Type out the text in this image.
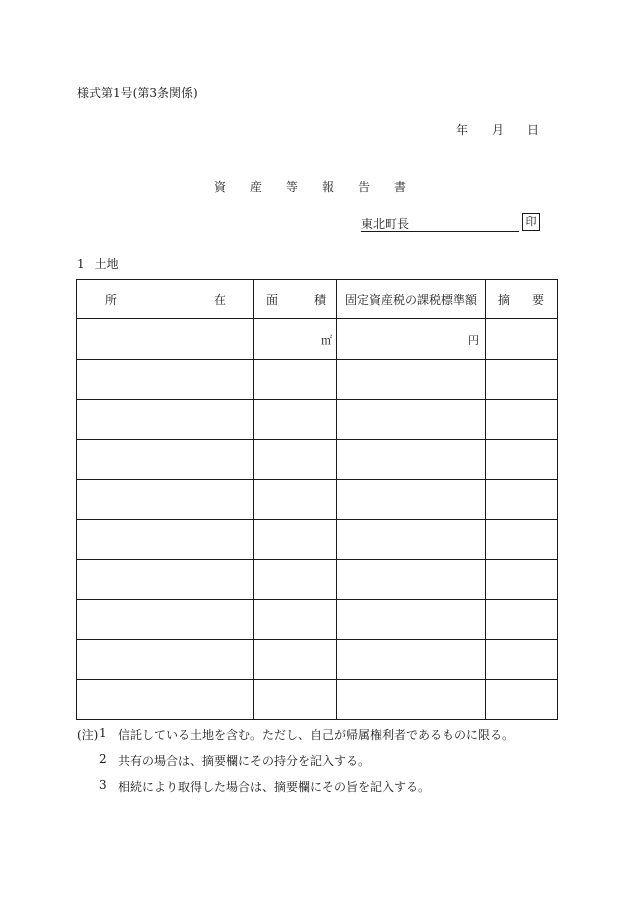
様式第1号(第3条関係)
年 月 日
資 産 等 報 告 書
東北町長	印
1 土地
所 在	面 積	固定資産税の課税標準額	摘 要

	㎡	円	

(注) 1 信託している土地を含む。ただし、自己が帰属権利者であるものに限る。
2 共有の場合は、摘要欄にその持分を記入する。
3 相続により取得した場合は、摘要欄にその旨を記入する。
